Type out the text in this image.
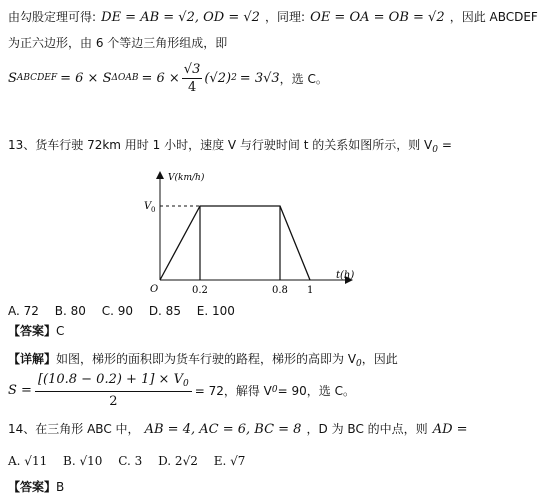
由勾股定理可得: DE = AB = √2, OD = √2 ，同理: OE = OA = OB = √2 ，因此 ABCDEF
为正六边形，由 6 个等边三角形组成，即
S ABCDEF = 6 × S $\Delta OAB = 6 \times \frac{√3}{4} (√2) 2 = 3√3$ ，选 C。
13、货车行驶 72km 用时 1 小时，速度 V 与行驶时间 t 的关系如图所示，则 $V_0$ =
V(km/h)
V 0
O	0.2	0.8 1
t(h)
A. 72 B. 80 C. 90 D. 85 E. 100
【答案】C
【详解】如图，梯形的面积即为货车行驶的路程，梯形的高即为 $V_0$，因此
$S = \frac{[(10.8 - 0.2) + 1] \times V_0}{2} = 72$，解得 V 0 = 90，选 C。
14、在三角形 ABC 中， AB = 4, AC = 6, BC = 8 ，D 为 BC 的中点，则 AD =
A. √11 B. √10 C. 3 D. 2√2 E. √7
【答案】B
